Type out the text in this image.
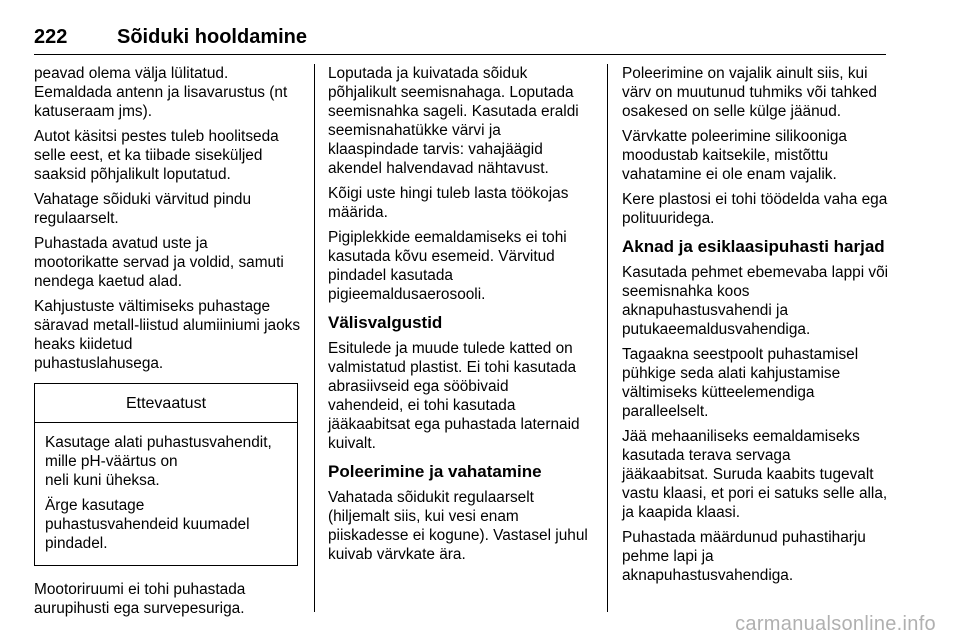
222 Sõiduki hooldamine

peavad olema välja lülitatud.
Eemaldada antenn ja lisavarustus (nt katuseraam jms).

Autot käsitsi pestes tuleb hoolitseda selle eest, et ka tiibade siseküljed saaksid põhjalikult loputatud.

Vahatage sõiduki värvitud pindu regulaarselt.

Puhastada avatud uste ja
mootorikatte servad ja voldid, samuti nendega kaetud alad.

Kahjustuste vältimiseks puhastage säravad metall-liistud alumiiniumi jaoks heaks kiidetud
puhastuslahusega.

Ettevaatust

Kasutage alati puhastusvahendit, mille pH-väärtus on
neli kuni üheksa.

Ärge kasutage
puhastusvahendeid kuumadel pindadel.

Mootoriruumi ei tohi puhastada aurupihusti ega survepesuriga.

Loputada ja kuivatada sõiduk
põhjalikult seemisnahaga. Loputada seemisnahka sageli. Kasutada eraldi seemisnahatükke värvi ja
klaaspindade tarvis: vahajäägid
akendel halvendavad nähtavust.

Kõigi uste hingi tuleb lasta töökojas määrida.

Pigiplekkide eemaldamiseks ei tohi kasutada kõvu esemeid. Värvitud pindadel kasutada
pigieemaldusaerosooli.

Välisvalgustid

Esitulede ja muude tulede katted on valmistatud plastist. Ei tohi kasutada abrasiivseid ega sööbivaid
vahendeid, ei tohi kasutada
jääkaabitsat ega puhastada laternaid kuivalt.

Poleerimine ja vahatamine

Vahatada sõidukit regulaarselt
(hiljemalt siis, kui vesi enam
piiskadesse ei kogune). Vastasel juhul kuivab värvkate ära.

Poleerimine on vajalik ainult siis, kui värv on muutunud tuhmiks või tahked osakesed on selle külge jäänud.

Värvkatte poleerimine silikooniga moodustab kaitsekile, mistõttu vahatamine ei ole enam vajalik.

Kere plastosi ei tohi töödelda vaha ega polituuridega.

Aknad ja esiklaasipuhasti harjad

Kasutada pehmet ebemevaba lappi või seemisnahka koos
aknapuhastusvahendi ja
putukaeemaldusvahendiga.

Tagaakna seestpoolt puhastamisel pühkige seda alati kahjustamise vältimiseks kütteelemendiga
paralleelselt.

Jää mehaaniliseks eemaldamiseks kasutada terava servaga
jääkaabitsat. Suruda kaabits tugevalt vastu klaasi, et pori ei satuks selle alla, ja kaapida klaasi.

Puhastada määrdunud puhastiharju pehme lapi ja
aknapuhastusvahendiga.

carmanualsonline.info
